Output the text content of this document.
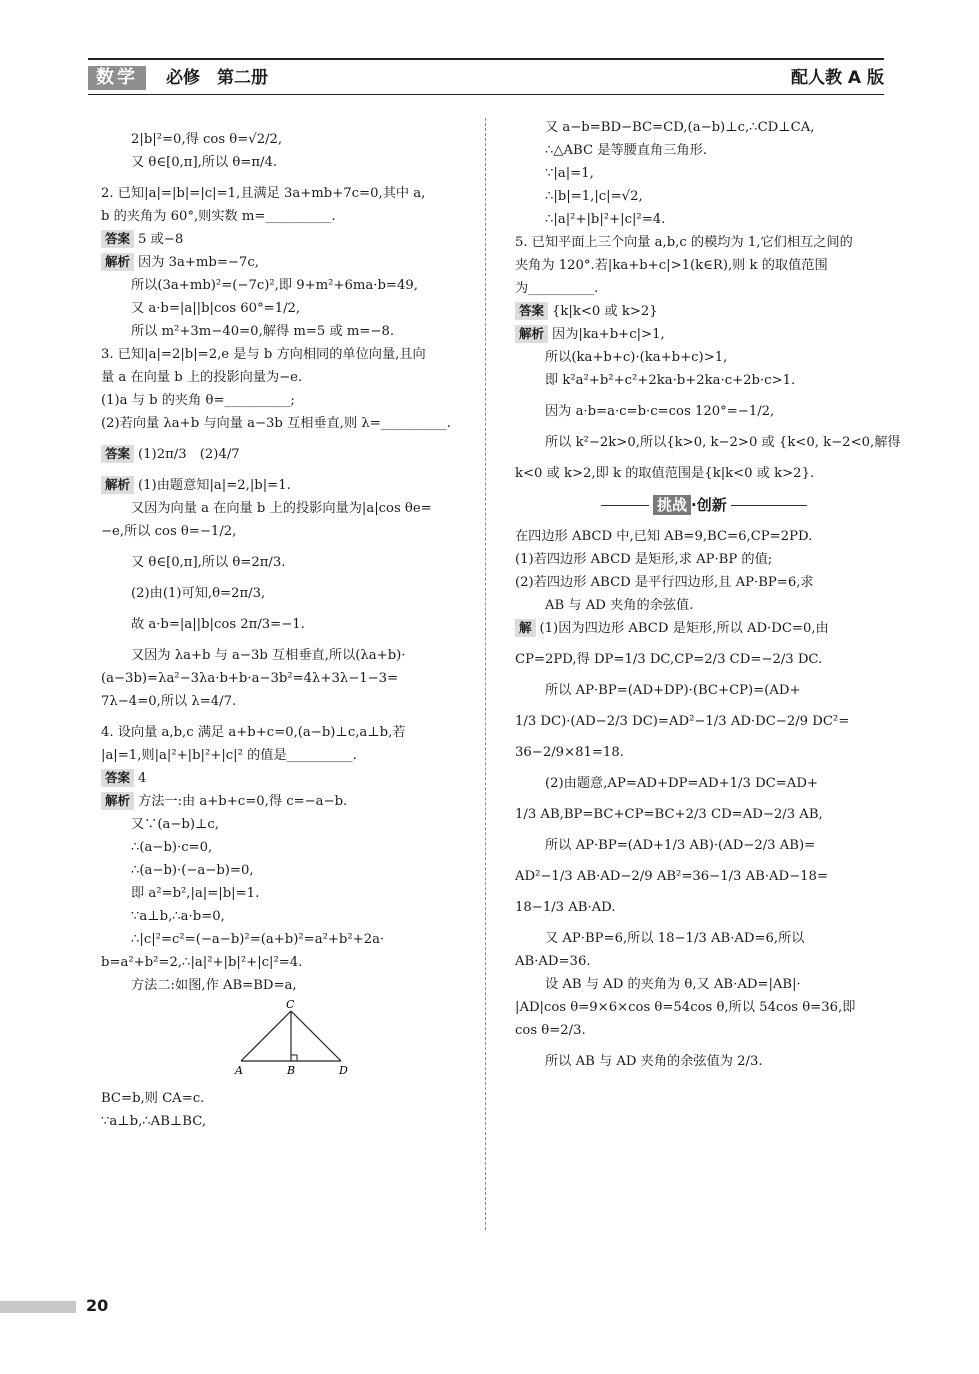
数学	必修　第二册	配人教 A 版
2|b|²=0,得 cos θ=√2/2,
又 θ∈[0,π],所以 θ=π/4.
2. 已知|a|=|b|=|c|=1,且满足 3a+mb+7c=0,其中 a,
b 的夹角为 60°,则实数 m=__________.
答案 5 或−8
解析 因为 3a+mb=−7c,
所以(3a+mb)²=(−7c)²,即 9+m²+6ma·b=49,
又 a·b=|a||b|cos 60°=1/2,
所以 m²+3m−40=0,解得 m=5 或 m=−8.
3. 已知|a|=2|b|=2,e 是与 b 方向相同的单位向量,且向
量 a 在向量 b 上的投影向量为−e.
(1)a 与 b 的夹角 θ=__________;
(2)若向量 λa+b 与向量 a−3b 互相垂直,则 λ=__________.
答案 (1)2π/3　(2)4/7
解析 (1)由题意知|a|=2,|b|=1.
又因为向量 a 在向量 b 上的投影向量为|a|cos θe=
−e,所以 cos θ=−1/2,
又 θ∈[0,π],所以 θ=2π/3.
(2)由(1)可知,θ=2π/3,
故 a·b=|a||b|cos 2π/3=−1.
又因为 λa+b 与 a−3b 互相垂直,所以(λa+b)·
(a−3b)=λa²−3λa·b+b·a−3b²=4λ+3λ−1−3=
7λ−4=0,所以 λ=4/7.
4. 设向量 a,b,c 满足 a+b+c=0,(a−b)⊥c,a⊥b,若
|a|=1,则|a|²+|b|²+|c|² 的值是__________.
答案 4
解析 方法一:由 a+b+c=0,得 c=−a−b.
又∵(a−b)⊥c,
∴(a−b)·c=0,
∴(a−b)·(−a−b)=0,
即 a²=b²,|a|=|b|=1.
∵a⊥b,∴a·b=0,
∴|c|²=c²=(−a−b)²=(a+b)²=a²+b²+2a·
b=a²+b²=2,∴|a|²+|b|²+|c|²=4.
方法二:如图,作 AB=BD=a,
C
A	B	D
BC=b,则 CA=c.
∵a⊥b,∴AB⊥BC,
又 a−b=BD−BC=CD,(a−b)⊥c,∴CD⊥CA,
∴△ABC 是等腰直角三角形.
∵|a|=1,
∴|b|=1,|c|=√2,
∴|a|²+|b|²+|c|²=4.
5. 已知平面上三个向量 a,b,c 的模均为 1,它们相互之间的
夹角为 120°.若|ka+b+c|>1(k∈R),则 k 的取值范围
为__________.
答案 {k|k<0 或 k>2}
解析 因为|ka+b+c|>1,
所以(ka+b+c)·(ka+b+c)>1,
即 k²a²+b²+c²+2ka·b+2ka·c+2b·c>1.
因为 a·b=a·c=b·c=cos 120°=−1/2,
所以 k²−2k>0,所以{k>0, k−2>0 或 {k<0, k−2<0,解得
k<0 或 k>2,即 k 的取值范围是{k|k<0 或 k>2}.
挑战 ·创新
在四边形 ABCD 中,已知 AB=9,BC=6,CP=2PD.
(1)若四边形 ABCD 是矩形,求 AP·BP 的值;
(2)若四边形 ABCD 是平行四边形,且 AP·BP=6,求
AB 与 AD 夹角的余弦值.
解 (1)因为四边形 ABCD 是矩形,所以 AD·DC=0,由
CP=2PD,得 DP=1/3 DC,CP=2/3 CD=−2/3 DC.
所以 AP·BP=(AD+DP)·(BC+CP)=(AD+
1/3 DC)·(AD−2/3 DC)=AD²−1/3 AD·DC−2/9 DC²=
36−2/9×81=18.
(2)由题意,AP=AD+DP=AD+1/3 DC=AD+
1/3 AB,BP=BC+CP=BC+2/3 CD=AD−2/3 AB,
所以 AP·BP=(AD+1/3 AB)·(AD−2/3 AB)=
AD²−1/3 AB·AD−2/9 AB²=36−1/3 AB·AD−18=
18−1/3 AB·AD.
又 AP·BP=6,所以 18−1/3 AB·AD=6,所以
AB·AD=36.
设 AB 与 AD 的夹角为 θ,又 AB·AD=|AB|·
|AD|cos θ=9×6×cos θ=54cos θ,所以 54cos θ=36,即
cos θ=2/3.
所以 AB 与 AD 夹角的余弦值为 2/3.
20
